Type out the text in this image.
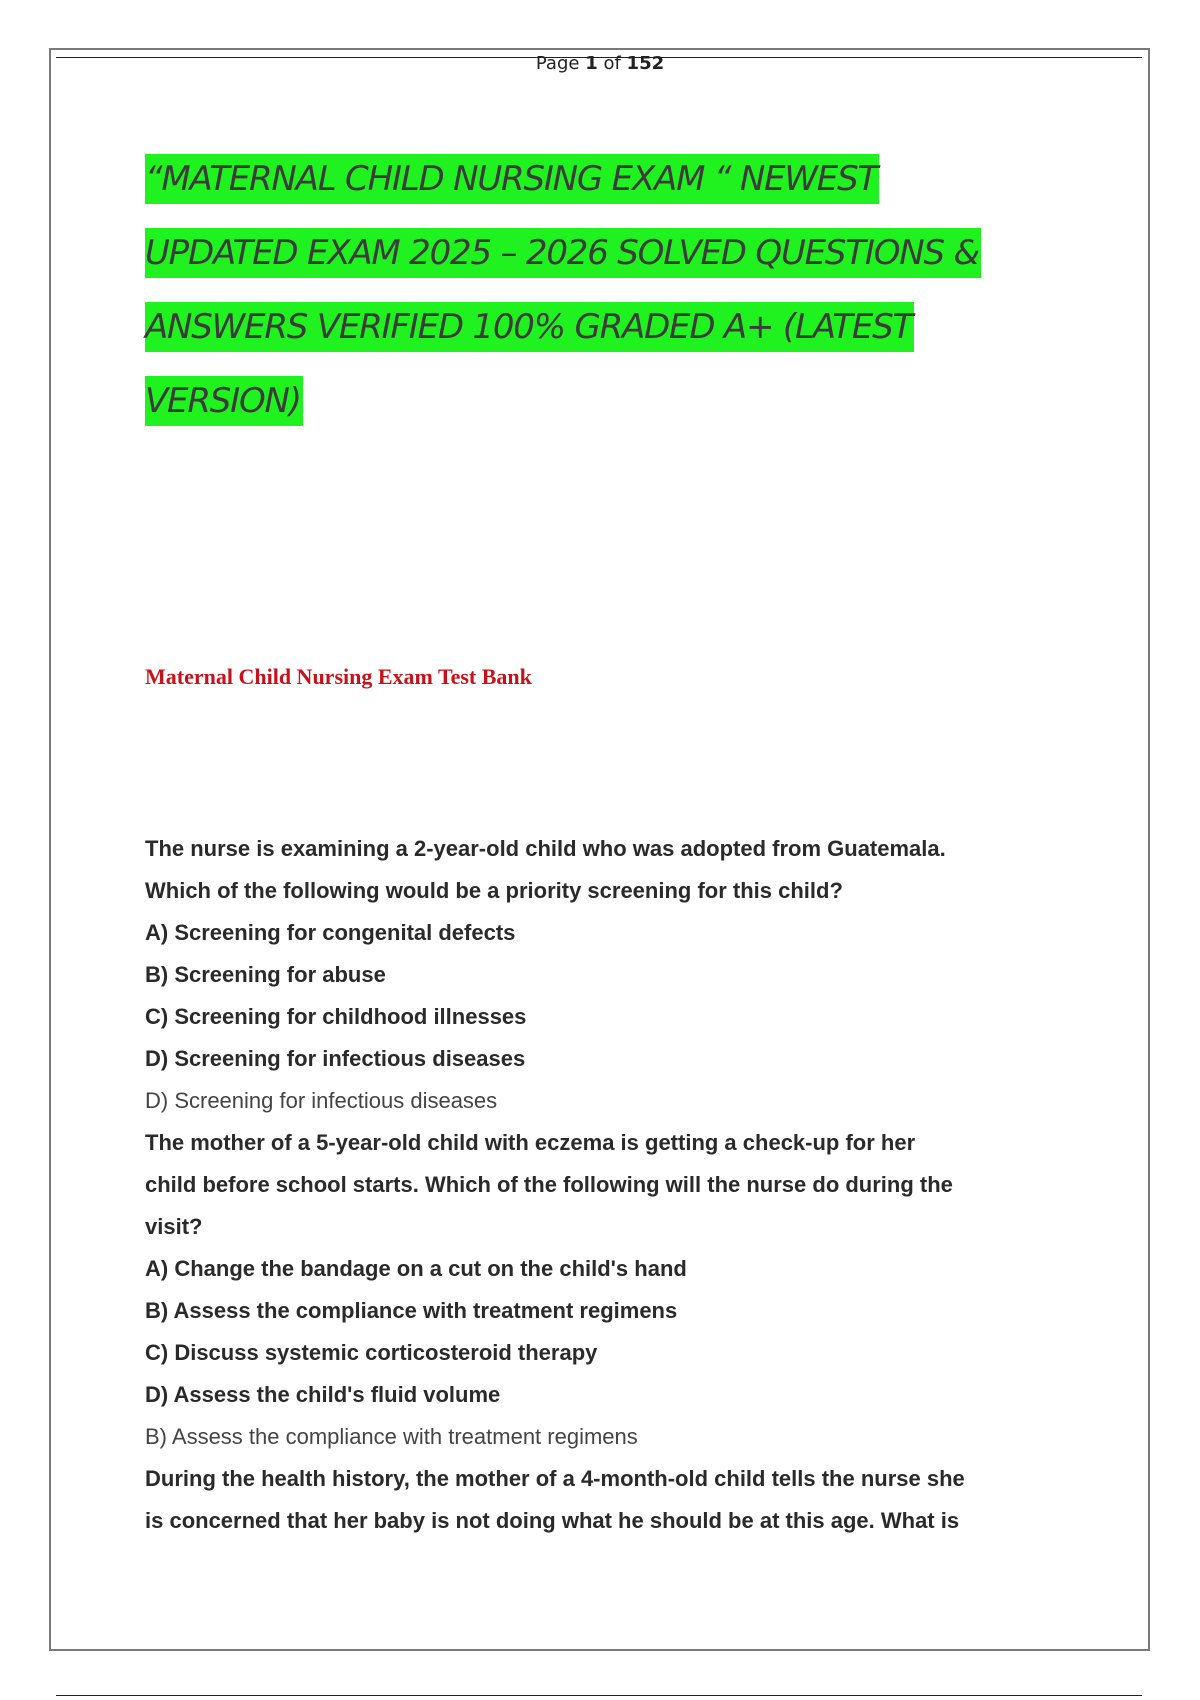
Page 1 of 152
“MATERNAL CHILD NURSING EXAM “ NEWEST
UPDATED EXAM 2025 – 2026 SOLVED QUESTIONS &
ANSWERS VERIFIED 100% GRADED A+ (LATEST
VERSION)
Maternal Child Nursing Exam Test Bank
The nurse is examining a 2-year-old child who was adopted from Guatemala.
Which of the following would be a priority screening for this child?
A) Screening for congenital defects
B) Screening for abuse
C) Screening for childhood illnesses
D) Screening for infectious diseases
D) Screening for infectious diseases
The mother of a 5-year-old child with eczema is getting a check-up for her
child before school starts. Which of the following will the nurse do during the
visit?
A) Change the bandage on a cut on the child's hand
B) Assess the compliance with treatment regimens
C) Discuss systemic corticosteroid therapy
D) Assess the child's fluid volume
B) Assess the compliance with treatment regimens
During the health history, the mother of a 4-month-old child tells the nurse she
is concerned that her baby is not doing what he should be at this age. What is
